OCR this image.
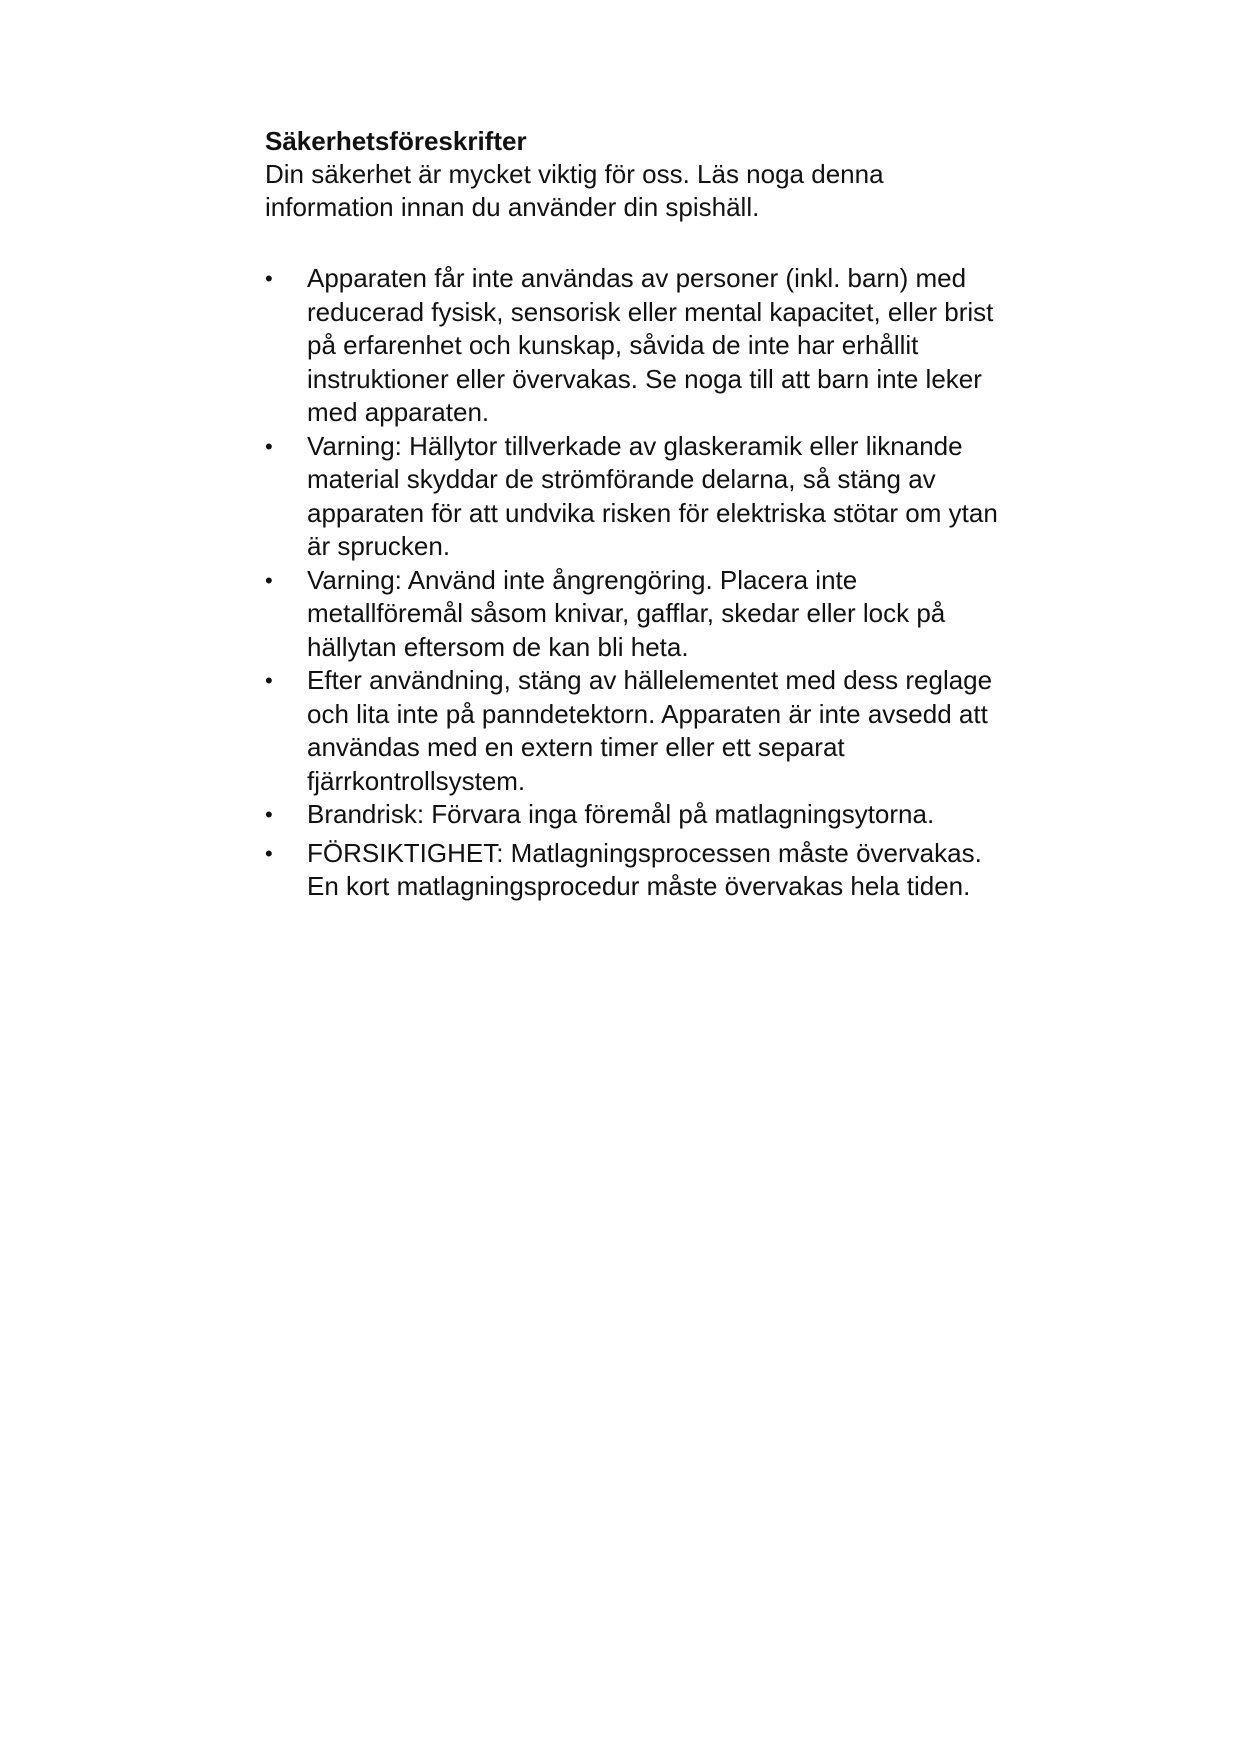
Säkerhetsföreskrifter

Din säkerhet är mycket viktig för oss. Läs noga denna information innan du använder din spishäll.

•	Apparaten får inte användas av personer (inkl. barn) med reducerad fysisk, sensorisk eller mental kapacitet, eller brist på erfarenhet och kunskap, såvida de inte har erhållit instruktioner eller övervakas. Se noga till att barn inte leker med apparaten.
•	Varning: Hällytor tillverkade av glaskeramik eller liknande material skyddar de strömförande delarna, så stäng av apparaten för att undvika risken för elektriska stötar om ytan är sprucken.
•	Varning: Använd inte ångrengöring. Placera inte metallföremål såsom knivar, gafflar, skedar eller lock på hällytan eftersom de kan bli heta.
•	Efter användning, stäng av hällelementet med dess reglage och lita inte på panndetektorn. Apparaten är inte avsedd att användas med en extern timer eller ett separat fjärrkontrollsystem.
•	Brandrisk: Förvara inga föremål på matlagningsytorna.
•	FÖRSIKTIGHET: Matlagningsprocessen måste övervakas. En kort matlagningsprocedur måste övervakas hela tiden.
